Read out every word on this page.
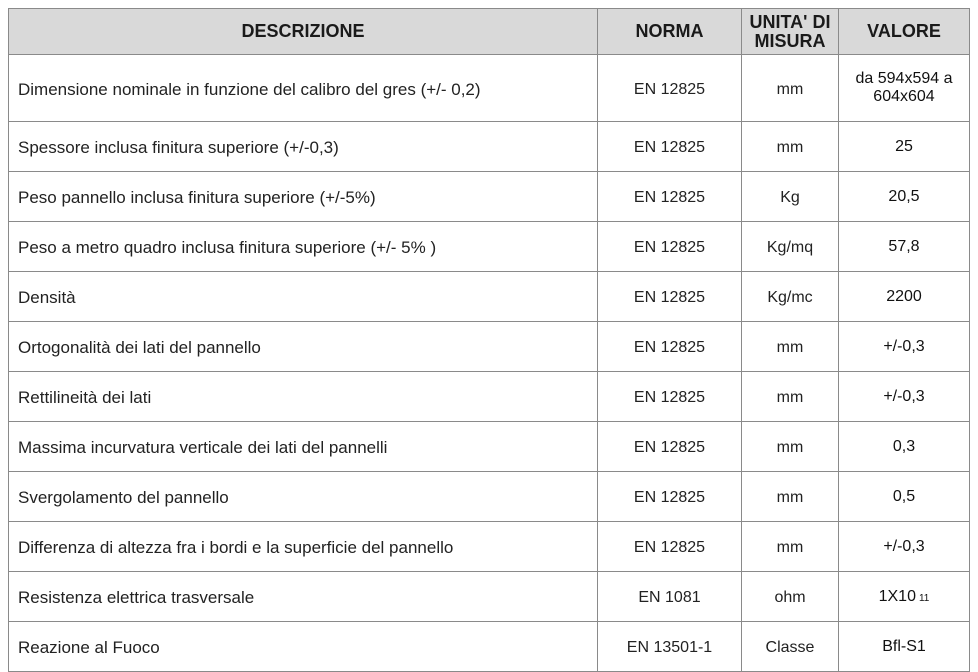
DESCRIZIONE	NORMA	UNITA' DI MISURA	VALORE
Dimensione nominale in funzione del calibro del gres (+/- 0,2)	EN 12825	mm	da 594x594 a 604x604
Spessore inclusa finitura superiore (+/-0,3)	EN 12825	mm	25
Peso pannello inclusa finitura superiore (+/-5%)	EN 12825	Kg	20,5
Peso a metro quadro inclusa finitura superiore (+/- 5% )	EN 12825	Kg/mq	57,8
Densità	EN 12825	Kg/mc	2200
Ortogonalità dei lati del pannello	EN 12825	mm	+/-0,3
Rettilineità dei lati	EN 12825	mm	+/-0,3
Massima incurvatura verticale dei lati del pannelli	EN 12825	mm	0,3
Svergolamento del pannello	EN 12825	mm	0,5
Differenza di altezza fra i bordi e la superficie del pannello	EN 12825	mm	+/-0,3
Resistenza elettrica trasversale	EN 1081	ohm	1X10 11
Reazione al Fuoco	EN 13501-1	Classe	Bfl-S1
